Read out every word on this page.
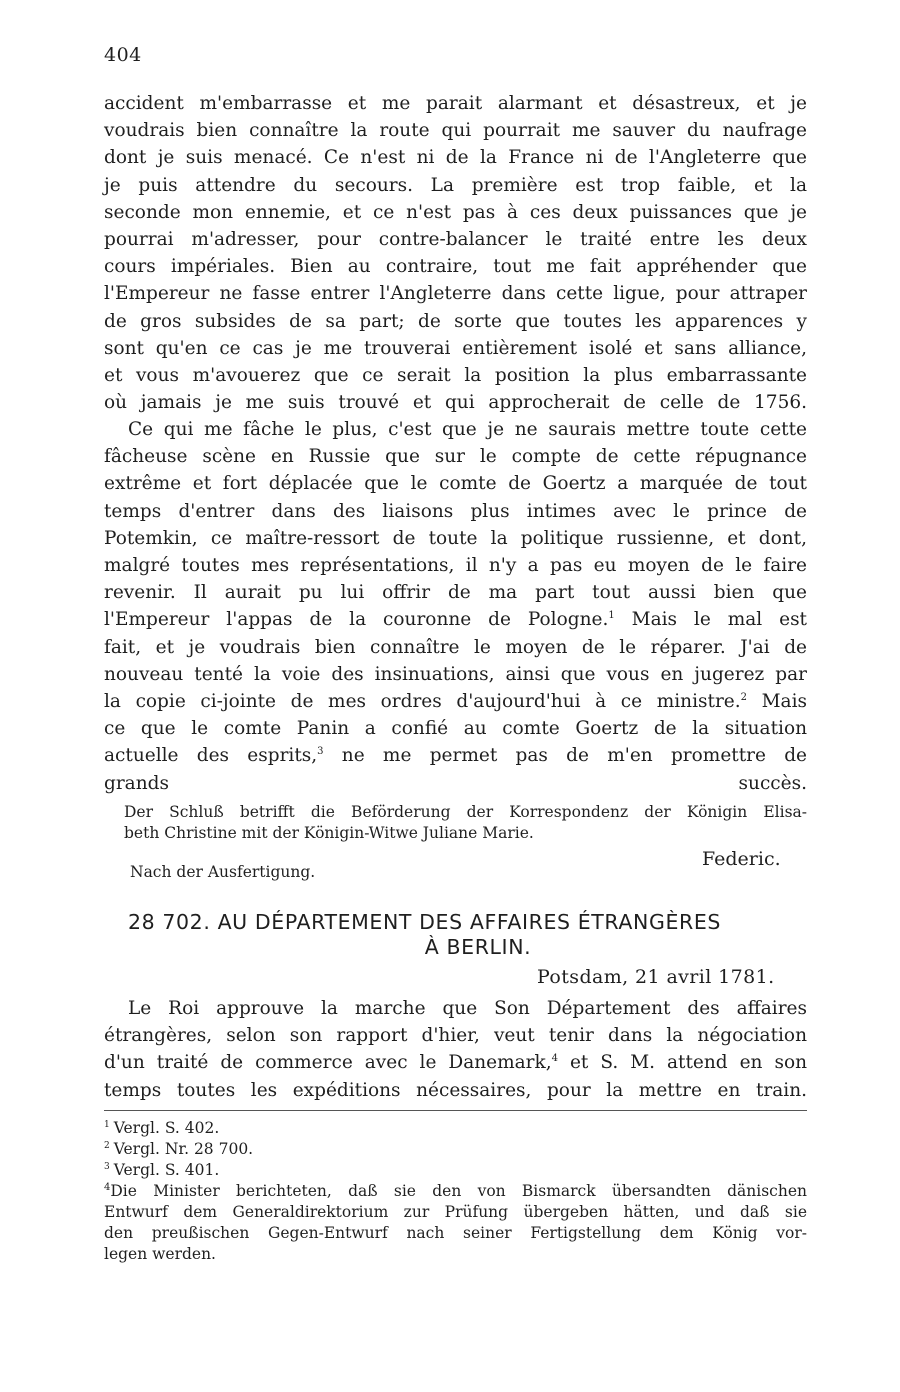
404
accident m'embarrasse et me parait alarmant et désastreux, et je
voudrais bien connaître la route qui pourrait me sauver du naufrage
dont je suis menacé. Ce n'est ni de la France ni de l'Angleterre que
je puis attendre du secours. La première est trop faible, et la
seconde mon ennemie, et ce n'est pas à ces deux puissances que je
pourrai m'adresser, pour contre-balancer le traité entre les deux
cours impériales. Bien au contraire, tout me fait appréhender que
l'Empereur ne fasse entrer l'Angleterre dans cette ligue, pour attraper
de gros subsides de sa part; de sorte que toutes les apparences y
sont qu'en ce cas je me trouverai entièrement isolé et sans alliance,
et vous m'avouerez que ce serait la position la plus embarrassante
où jamais je me suis trouvé et qui approcherait de celle de 1756.
Ce qui me fâche le plus, c'est que je ne saurais mettre toute cette
fâcheuse scène en Russie que sur le compte de cette répugnance
extrême et fort déplacée que le comte de Goertz a marquée de tout
temps d'entrer dans des liaisons plus intimes avec le prince de
Potemkin, ce maître-ressort de toute la politique russienne, et dont,
malgré toutes mes représentations, il n'y a pas eu moyen de le faire
revenir. Il aurait pu lui offrir de ma part tout aussi bien que
l'Empereur l'appas de la couronne de Pologne.$^1$ Mais le mal est
fait, et je voudrais bien connaître le moyen de le réparer. J'ai de
nouveau tenté la voie des insinuations, ainsi que vous en jugerez par
la copie ci-jointe de mes ordres d'aujourd'hui à ce ministre.$^2$ Mais
ce que le comte Panin a confié au comte Goertz de la situation
actuelle des esprits,$^3$ ne me permet pas de m'en promettre de
grands succès.
Der Schluß betrifft die Beförderung der Korrespondenz der Königin Elisa-
beth Christine mit der Königin-Witwe Juliane Marie.
Nach der Ausfertigung.
Federic.
28 702. AU DÉPARTEMENT DES AFFAIRES ÉTRANGÈRES
À BERLIN.
Potsdam, 21 avril 1781.
Le Roi approuve la marche que Son Département des affaires
étrangères, selon son rapport d'hier, veut tenir dans la négociation
d'un traité de commerce avec le Danemark,$^4$ et S. M. attend en son
temps toutes les expéditions nécessaires, pour la mettre en train.
$^1$ Vergl. S. 402.
$^2$ Vergl. Nr. 28 700.
$^3$ Vergl. S. 401.
$^4$Die Minister berichteten, daß sie den von Bismarck übersandten dänischen
Entwurf dem Generaldirektorium zur Prüfung übergeben hätten, und daß sie
den preußischen Gegen-Entwurf nach seiner Fertigstellung dem König vor-
legen werden.
